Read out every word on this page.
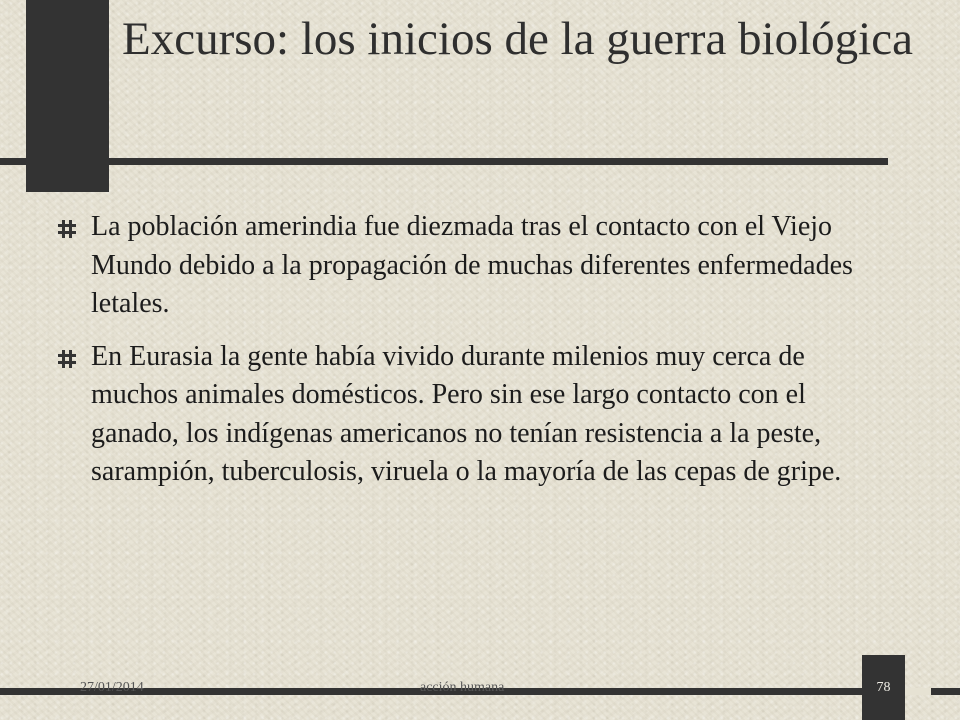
Excurso: los inicios de la guerra biológica
La población amerindia fue diezmada tras el contacto con el Viejo Mundo debido a la propagación de muchas diferentes enfermedades letales.
En Eurasia la gente había vivido durante milenios muy cerca de muchos animales domésticos. Pero sin ese largo contacto con el ganado, los indígenas americanos no tenían resistencia a la peste, sarampión, tuberculosis, viruela o la mayoría de las cepas de gripe.
27/01/2014	acción humana	78
